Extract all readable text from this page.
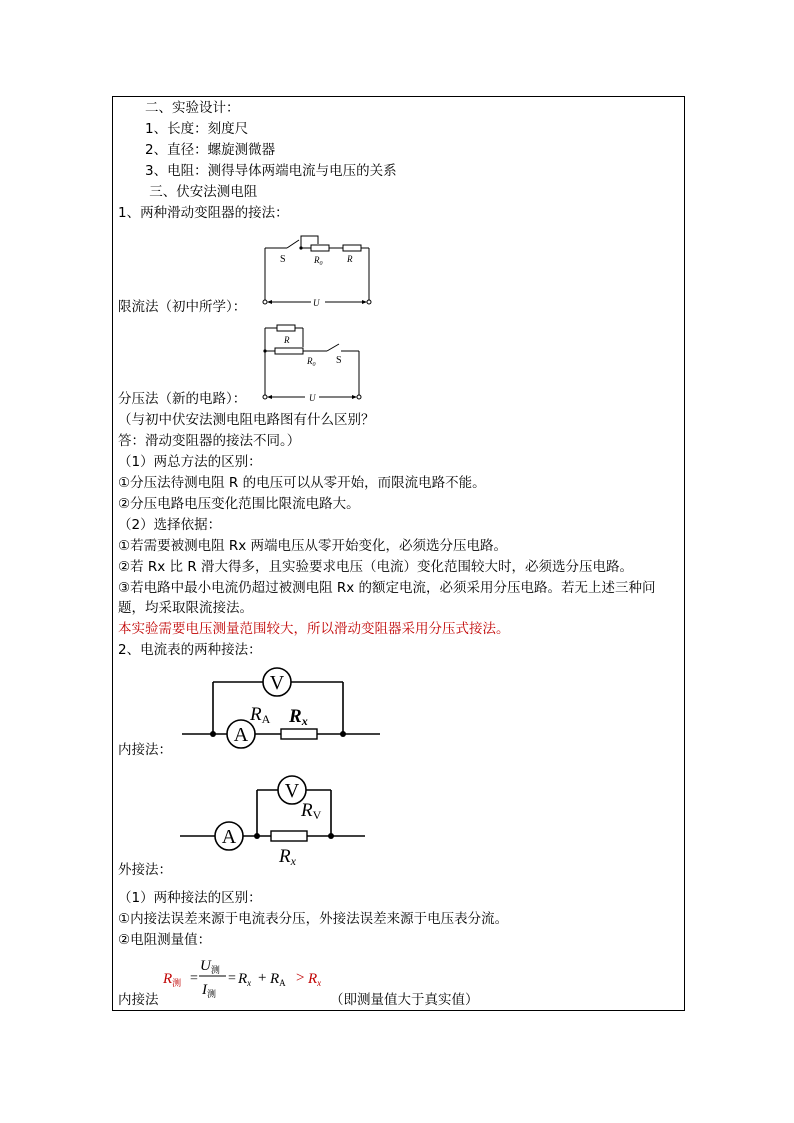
　　二、实验设计：
　　1、长度：刻度尺
　　2、直径：螺旋测微器
　　3、电阻：测得导体两端电流与电压的关系
　　 三、伏安法测电阻
1、两种滑动变阻器的接法：
S	$R_0$	R
U
限流法（初中所学）：
R
$R_0$ S
U
分压法（新的电路）：
（与初中伏安法测电阻电路图有什么区别？
答：滑动变阻器的接法不同。）
（1）两总方法的区别：
①分压法待测电阻 R 的电压可以从零开始，而限流电路不能。
②分压电路电压变化范围比限流电路大。
（2）选择依据：
①若需要被测电阻 Rx 两端电压从零开始变化，必须选分压电路。
②若 Rx 比 R 滑大得多，且实验要求电压（电流）变化范围较大时，必须选分压电路。
③若电路中最小电流仍超过被测电阻 Rx 的额定电流，必须采用分压电路。若无上述三种问
题，均采取限流接法。
本实验需要电压测量范围较大，所以滑动变阻器采用分压式接法。
2、电流表的两种接法：
V
A
RA Rx
内接法：
V
A
RV
Rx
外接法：
（1）两种接法的区别：
①内接法误差来源于电流表分压，外接法误差来源于电压表分流。
②电阻测量值：
$R_测$ =
$U_测$
$I_测$
= $R_x + R_A > R_x$
内接法	（即测量值大于真实值）
